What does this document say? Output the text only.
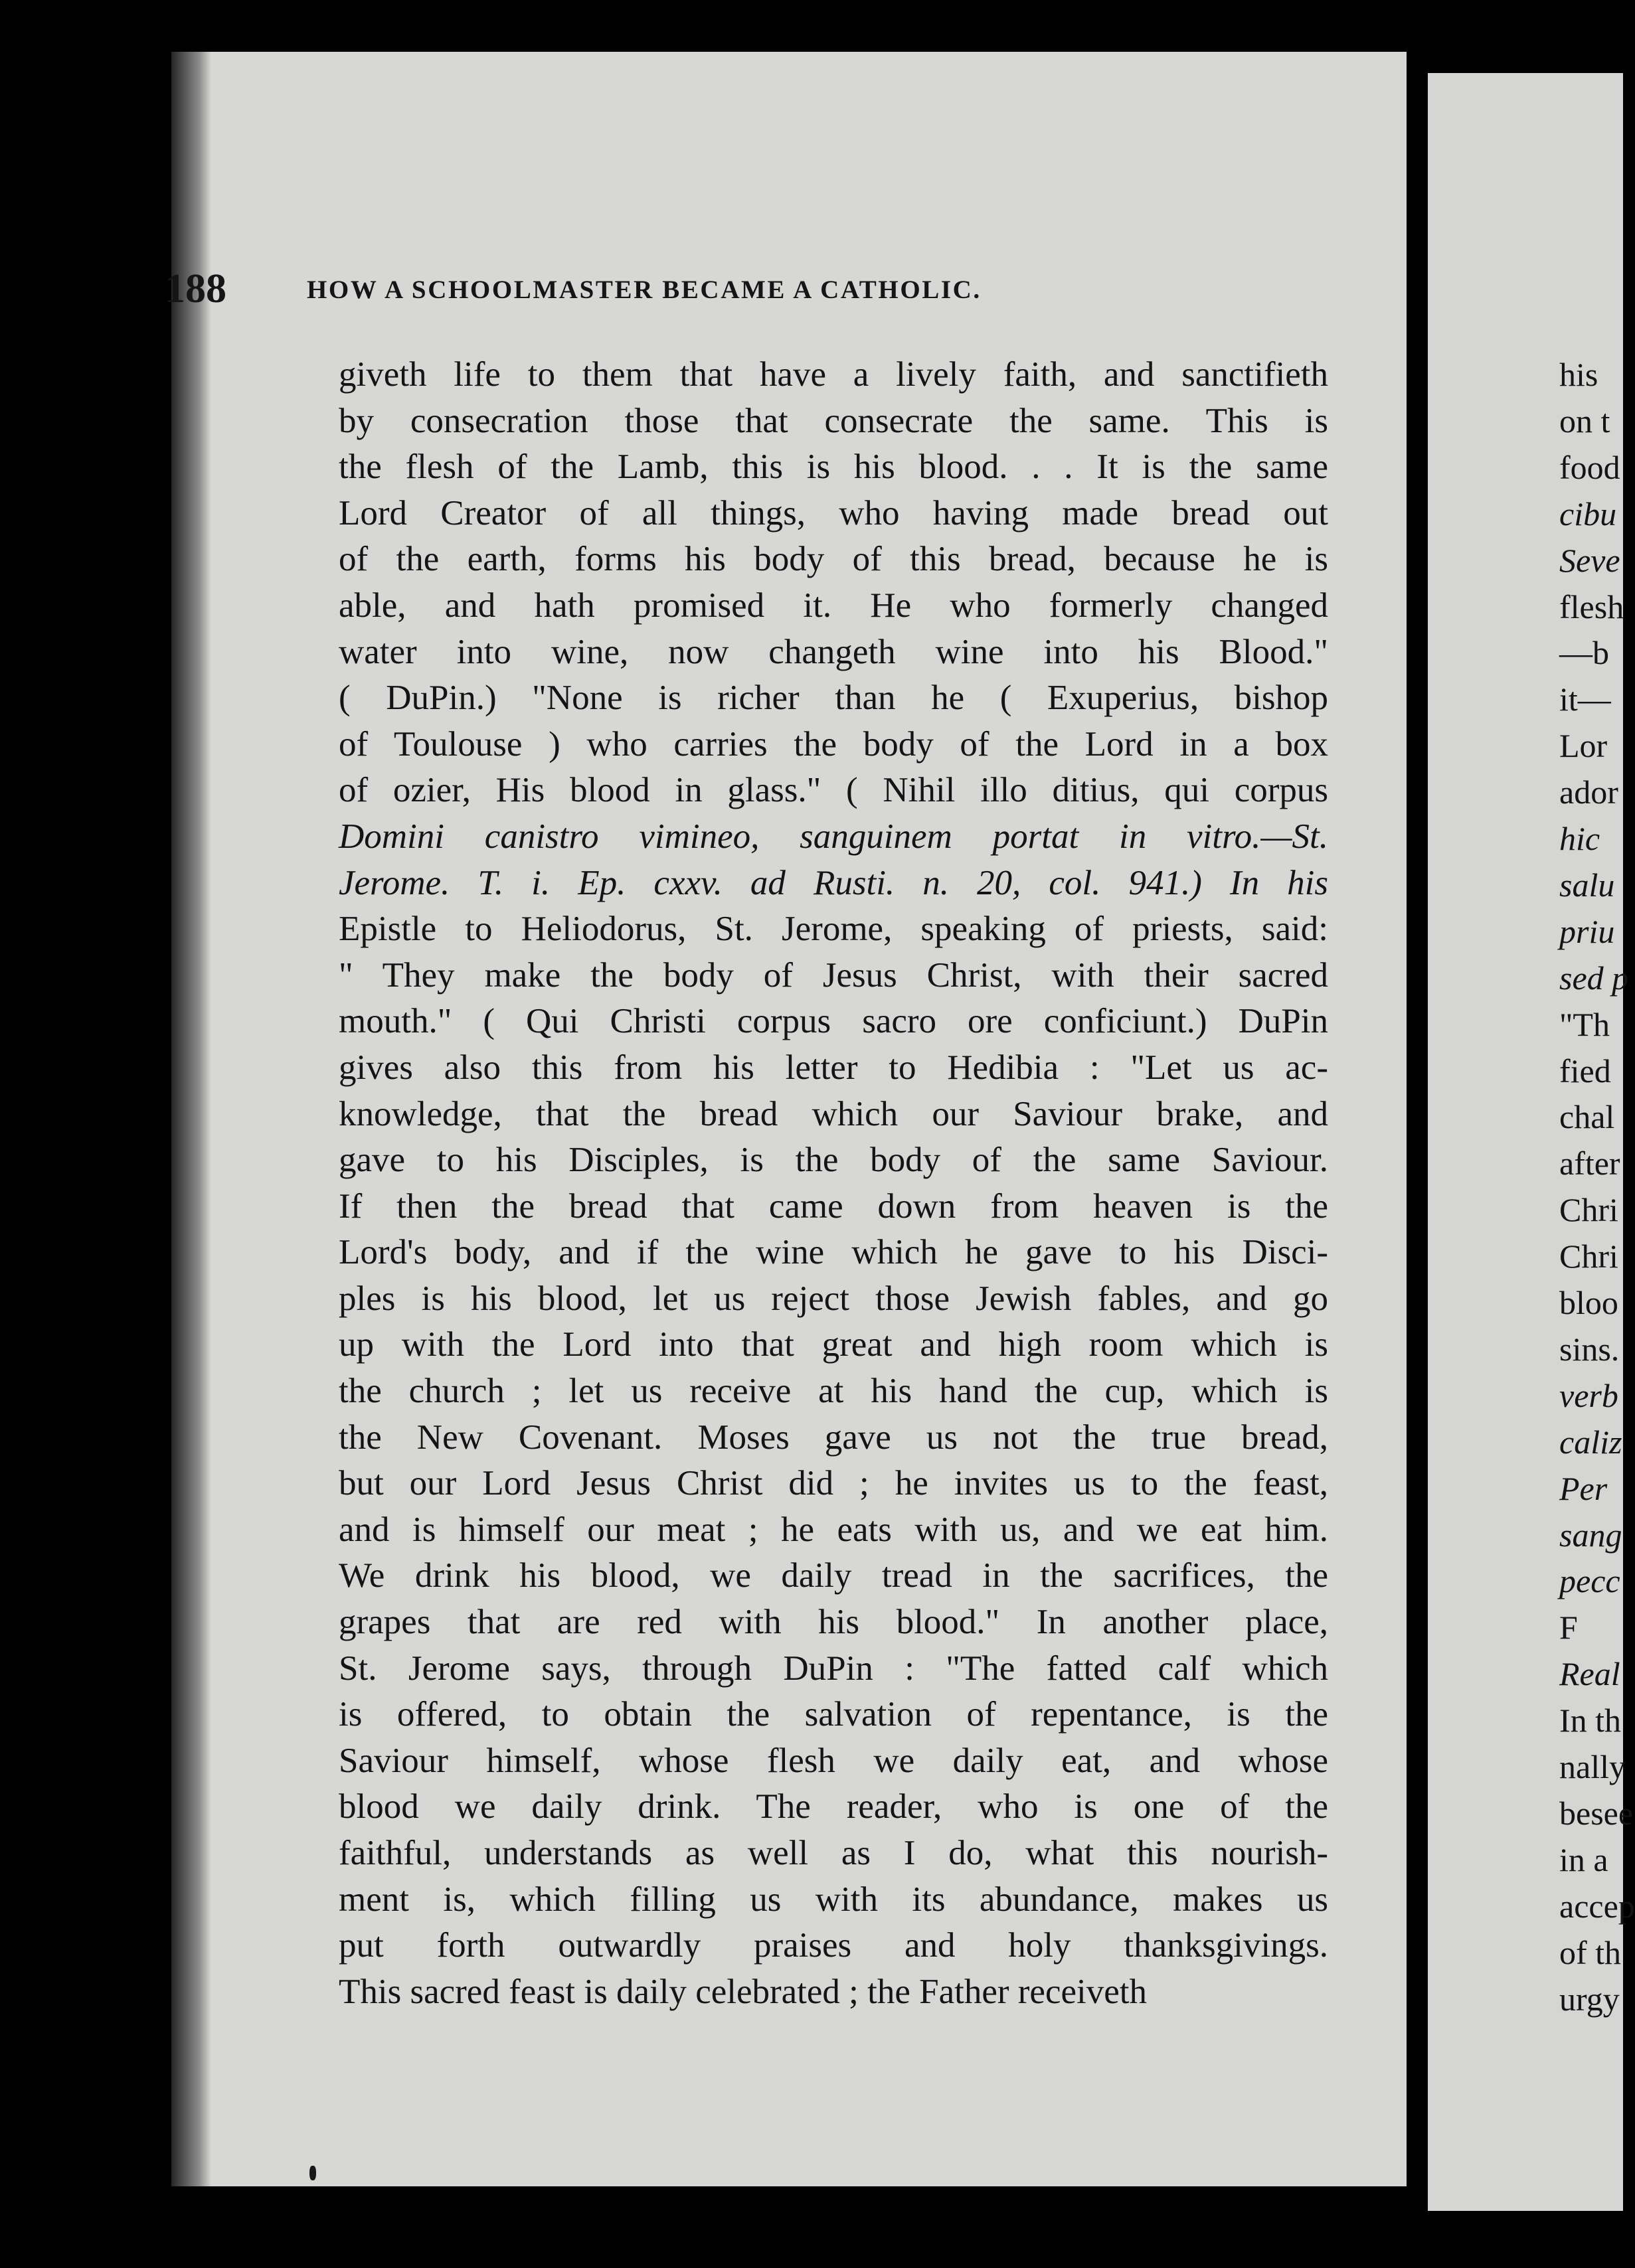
188	HOW A SCHOOLMASTER BECAME A CATHOLIC.
giveth life to them that have a lively faith, and sanctifieth
by consecration those that consecrate the same. This is
the flesh of the Lamb, this is his blood. . . It is the same
Lord Creator of all things, who having made bread out
of the earth, forms his body of this bread, because he is
able, and hath promised it. He who formerly changed
water into wine, now changeth wine into his Blood."
( DuPin.) "None is richer than he ( Exuperius, bishop
of Toulouse ) who carries the body of the Lord in a box
of ozier, His blood in glass." ( Nihil illo ditius, qui corpus
Domini canistro vimineo, sanguinem portat in vitro.—St.
Jerome. T. i. Ep. cxxv. ad Rusti. n. 20, col. 941.) In his
Epistle to Heliodorus, St. Jerome, speaking of priests, said:
" They make the body of Jesus Christ, with their sacred
mouth." ( Qui Christi corpus sacro ore conficiunt.) DuPin
gives also this from his letter to Hedibia : "Let us ac-
knowledge, that the bread which our Saviour brake, and
gave to his Disciples, is the body of the same Saviour.
If then the bread that came down from heaven is the
Lord's body, and if the wine which he gave to his Disci-
ples is his blood, let us reject those Jewish fables, and go
up with the Lord into that great and high room which is
the church ; let us receive at his hand the cup, which is
the New Covenant. Moses gave us not the true bread,
but our Lord Jesus Christ did ; he invites us to the feast,
and is himself our meat ; he eats with us, and we eat him.
We drink his blood, we daily tread in the sacrifices, the
grapes that are red with his blood." In another place,
St. Jerome says, through DuPin : "The fatted calf which
is offered, to obtain the salvation of repentance, is the
Saviour himself, whose flesh we daily eat, and whose
blood we daily drink. The reader, who is one of the
faithful, understands as well as I do, what this nourish-
ment is, which filling us with its abundance, makes us
put forth outwardly praises and holy thanksgivings.
This sacred feast is daily celebrated ; the Father receiveth
his
on t
food
cibu
Seve
flesh
—b
it—
Lor
ador
hic
salu
priu
sed p
"Th
fied
chal
after
Chri
Chri
bloo
sins.
verb
caliz
Per
sang
pecc
F
Real
In th
nally
besee
in a
accep
of th
urgy
